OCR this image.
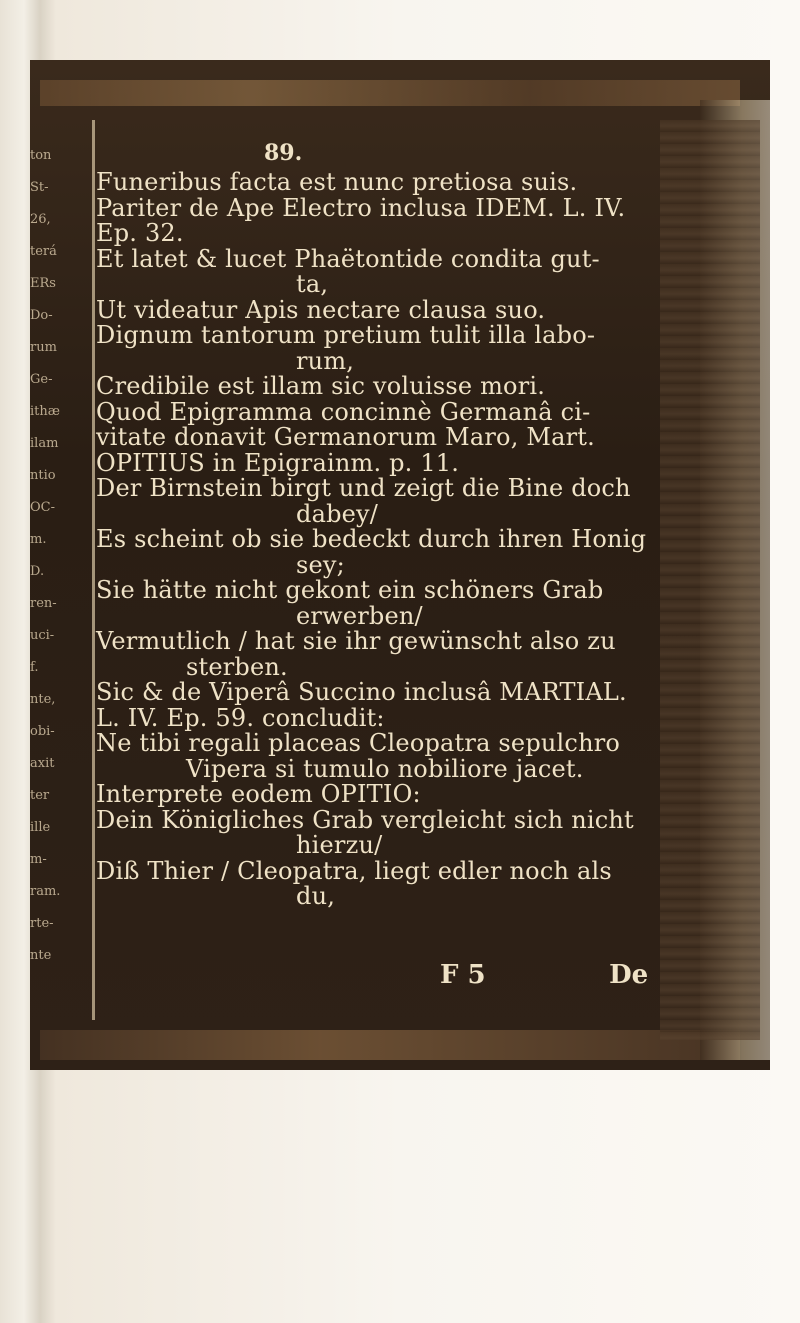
ton
St-
26,
terá
ERs
Do-
rum
Ge-
ithæ
ilam
ntio
OC-
m.
D.
ren-
uci-
f.
nte,
obi-
axit
ter
ille
m-
ram.
rte-
nte
89.
Funeribus facta est nunc pretiosa suis.
Pariter de Ape Electro inclusa IDEM. L. IV.
Ep. 32.
Et latet & lucet Phaëtontide condita gut-
ta,
Ut videatur Apis nectare clausa suo.
Dignum tantorum pretium tulit illa labo-
rum,
Credibile est illam sic voluisse mori.
Quod Epigramma concinnè Germanâ ci-
vitate donavit Germanorum Maro, Mart.
OPITIUS in Epigrainm. p. 11.
Der Birnstein birgt und zeigt die Bine doch
dabey/
Es scheint ob sie bedeckt durch ihren Honig
sey;
Sie hätte nicht gekont ein schöners Grab
erwerben/
Vermutlich / hat sie ihr gewünscht also zu
sterben.
Sic & de Viperâ Succino inclusâ MARTIAL.
L. IV. Ep. 59. concludit:
Ne tibi regali placeas Cleopatra sepulchro
Vipera si tumulo nobiliore jacet.
Interprete eodem OPITIO:
Dein Königliches Grab vergleicht sich nicht
hierzu/
Diß Thier / Cleopatra, liegt edler noch als
du,
F 5	De
